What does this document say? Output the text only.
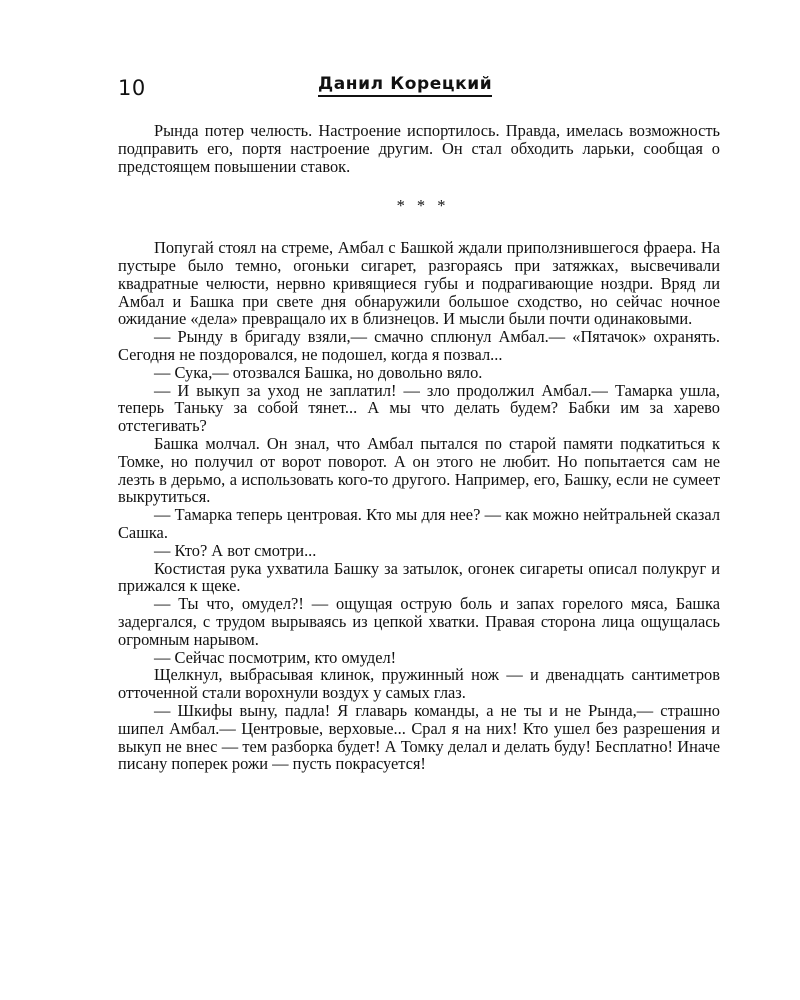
10	Данил Корецкий

Рында потер челюсть. Настроение испортилось. Правда, имелась возможность подправить его, портя настроение другим. Он стал обходить ларьки, сообщая о предстоящем повышении ставок.

* * *

Попугай стоял на стреме, Амбал с Башкой ждали приползнившегося фраера. На пустыре было темно, огоньки сигарет, разгораясь при затяжках, высвечивали квадратные челюсти, нервно кривящиеся губы и подрагивающие ноздри. Вряд ли Амбал и Башка при свете дня обнаружили большое сходство, но сейчас ночное ожидание «дела» превращало их в близнецов. И мысли были почти одинаковыми.

— Рынду в бригаду взяли,— смачно сплюнул Амбал.— «Пятачок» охранять. Сегодня не поздоровался, не подошел, когда я позвал...

— Сука,— отозвался Башка, но довольно вяло.

— И выкуп за уход не заплатил! — зло продолжил Амбал.— Тамарка ушла, теперь Таньку за собой тянет... А мы что делать будем? Бабки им за харево отстегивать?

Башка молчал. Он знал, что Амбал пытался по старой памяти подкатиться к Томке, но получил от ворот поворот. А он этого не любит. Но попытается сам не лезть в дерьмо, а использовать кого-то другого. Например, его, Башку, если не сумеет выкрутиться.

— Тамарка теперь центровая. Кто мы для нее? — как можно нейтральней сказал Сашка.

— Кто? А вот смотри...

Костистая рука ухватила Башку за затылок, огонек сигареты описал полукруг и прижался к щеке.

— Ты что, омудел?! — ощущая острую боль и запах горелого мяса, Башка задергался, с трудом вырываясь из цепкой хватки. Правая сторона лица ощущалась огромным нарывом.

— Сейчас посмотрим, кто омудел!

Щелкнул, выбрасывая клинок, пружинный нож — и двенадцать сантиметров отточенной стали ворохнули воздух у самых глаз.

— Шкифы выну, падла! Я главарь команды, а не ты и не Рында,— страшно шипел Амбал.— Центровые, верховые... Срал я на них! Кто ушел без разрешения и выкуп не внес — тем разборка будет! А Томку делал и делать буду! Бесплатно! Иначе писану поперек рожи — пусть покрасуется!
